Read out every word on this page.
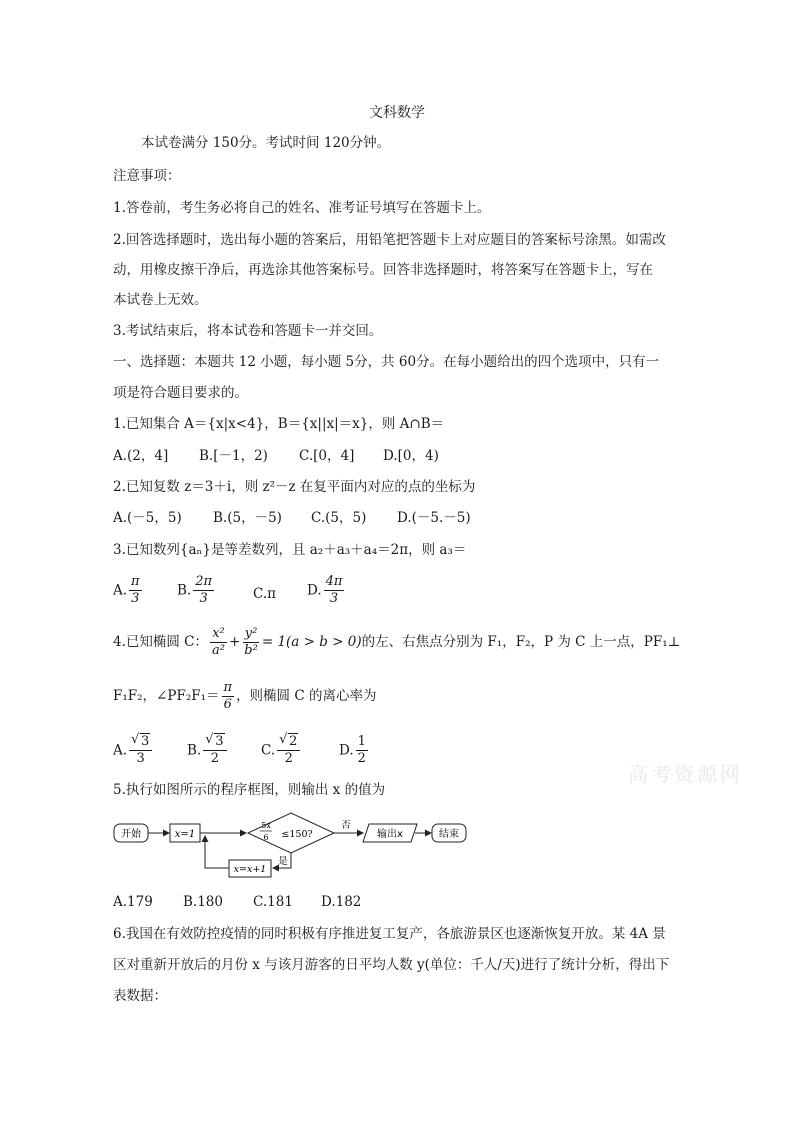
文科数学
本试卷满分 150分。考试时间 120分钟。
注意事项：
1.答卷前，考生务必将自己的姓名、准考证号填写在答题卡上。
2.回答选择题时，选出每小题的答案后，用铅笔把答题卡上对应题目的答案标号涂黑。如需改
动，用橡皮擦干净后，再选涂其他答案标号。回答非选择题时，将答案写在答题卡上，写在
本试卷上无效。
3.考试结束后，将本试卷和答题卡一并交回。
一、选择题：本题共 12 小题，每小题 5分，共 60分。在每小题给出的四个选项中，只有一
项是符合题目要求的。
1.已知集合 A＝{x|x<4}，B＝{x||x|＝x}，则 A∩B＝
A.(2，4] B.[－1，2) C.[0，4] D.[0，4)
2.已知复数 z＝3＋i，则 z²－z 在复平面内对应的点的坐标为
A.(－5，5) B.(5，－5) C.(5，5) D.(－5.－5)
3.已知数列{aₙ}是等差数列，且 a₂＋a₃＋a₄＝2π，则 a₃＝
A. $\frac{\pi}{3}$	B. $\frac{2\pi}{3}$	C.π D. $\frac{4\pi}{3}$
4.已知椭圆 C： $\frac{\text{x²}}{\text{a²}} + \frac{\text{y²}}{\text{b²}} = 1(a > b > 0)$的左、右焦点分别为 F₁，F₂，P 为 C 上一点，PF₁⊥
F₁F₂，∠PF₂F₁＝ $\frac{\pi}{6}$ ，则椭圆 C 的离心率为
A. $\frac{√ 3}{3}$	B. $\frac{√ 3}{2}$	C. $\frac{√ 2}{2}$	D. $\frac{1}{2}$
高考资源网
5.执行如图所示的程序框图，则输出 x 的值为
开始	x=1
5x
6 ≤150?
否
输出x	结束
是
x=x+1
A.179 B.180 C.181 D.182
6.我国在有效防控疫情的同时积极有序推进复工复产，各旅游景区也逐渐恢复开放。某 4A 景
区对重新开放后的月份 x 与该月游客的日平均人数 y(单位：千人/天)进行了统计分析，得出下
表数据：
